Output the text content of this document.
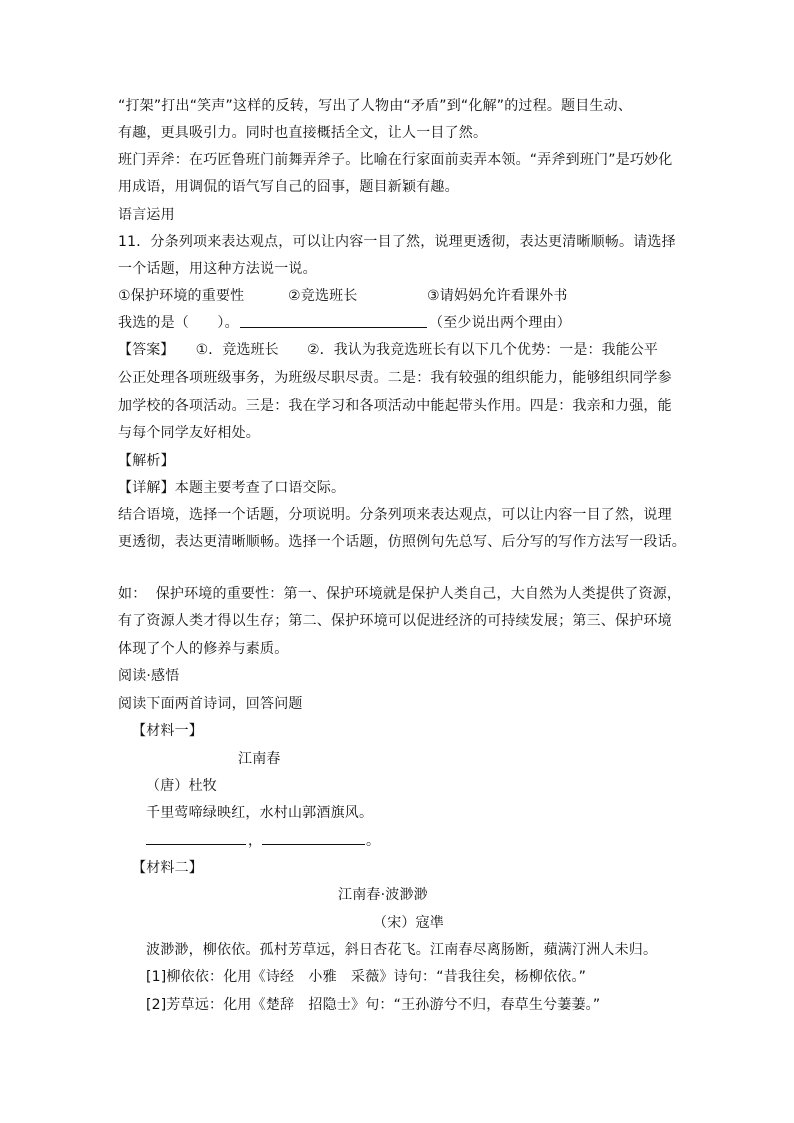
“打架”打出“笑声”这样的反转，写出了人物由“矛盾”到“化解”的过程。题目生动、
有趣，更具吸引力。同时也直接概括全文，让人一目了然。
班门弄斧：在巧匠鲁班门前舞弄斧子。比喻在行家面前卖弄本领。“弄斧到班门”是巧妙化
用成语，用调侃的语气写自己的囧事，题目新颖有趣。
语言运用
11．分条列项来表达观点，可以让内容一目了然，说理更透彻，表达更清晰顺畅。请选择
一个话题，用这种方法说一说。
①保护环境的重要性	②竞选班长	③请妈妈允许看课外书
我选的是（　　）。	（至少说出两个理由）
【答案】　　①．竞选班长　　②．我认为我竞选班长有以下几个优势：一是：我能公平
公正处理各项班级事务，为班级尽职尽责。二是：我有较强的组织能力，能够组织同学参
加学校的各项活动。三是：我在学习和各项活动中能起带头作用。四是：我亲和力强，能
与每个同学友好相处。
【解析】
【详解】本题主要考查了口语交际。
结合语境，选择一个话题，分项说明。分条列项来表达观点，可以让内容一目了然，说理
更透彻，表达更清晰顺畅。选择一个话题，仿照例句先总写、后分写的写作方法写一段话。
如：  保护环境的重要性：第一、保护环境就是保护人类自己，大自然为人类提供了资源，
有了资源人类才得以生存；第二、保护环境可以促进经济的可持续发展；第三、保护环境
体现了个人的修养与素质。
阅读·感悟
阅读下面两首诗词，回答问题
【材料一】
江南春
（唐）杜牧
千里莺啼绿映红，水村山郭酒旗风。
，	。
【材料二】
江南春·波渺渺
（宋）寇凖
波渺渺，柳依依。孤村芳草远，斜日杏花飞。江南春尽离肠断，蘋满汀洲人未归。
[1]柳依依：化用《诗经　小雅　采薇》诗句：“昔我往矣，杨柳依依。”
[2]芳草远：化用《楚辞　招隐士》句：“王孙游兮不归，春草生兮萋萋。”
